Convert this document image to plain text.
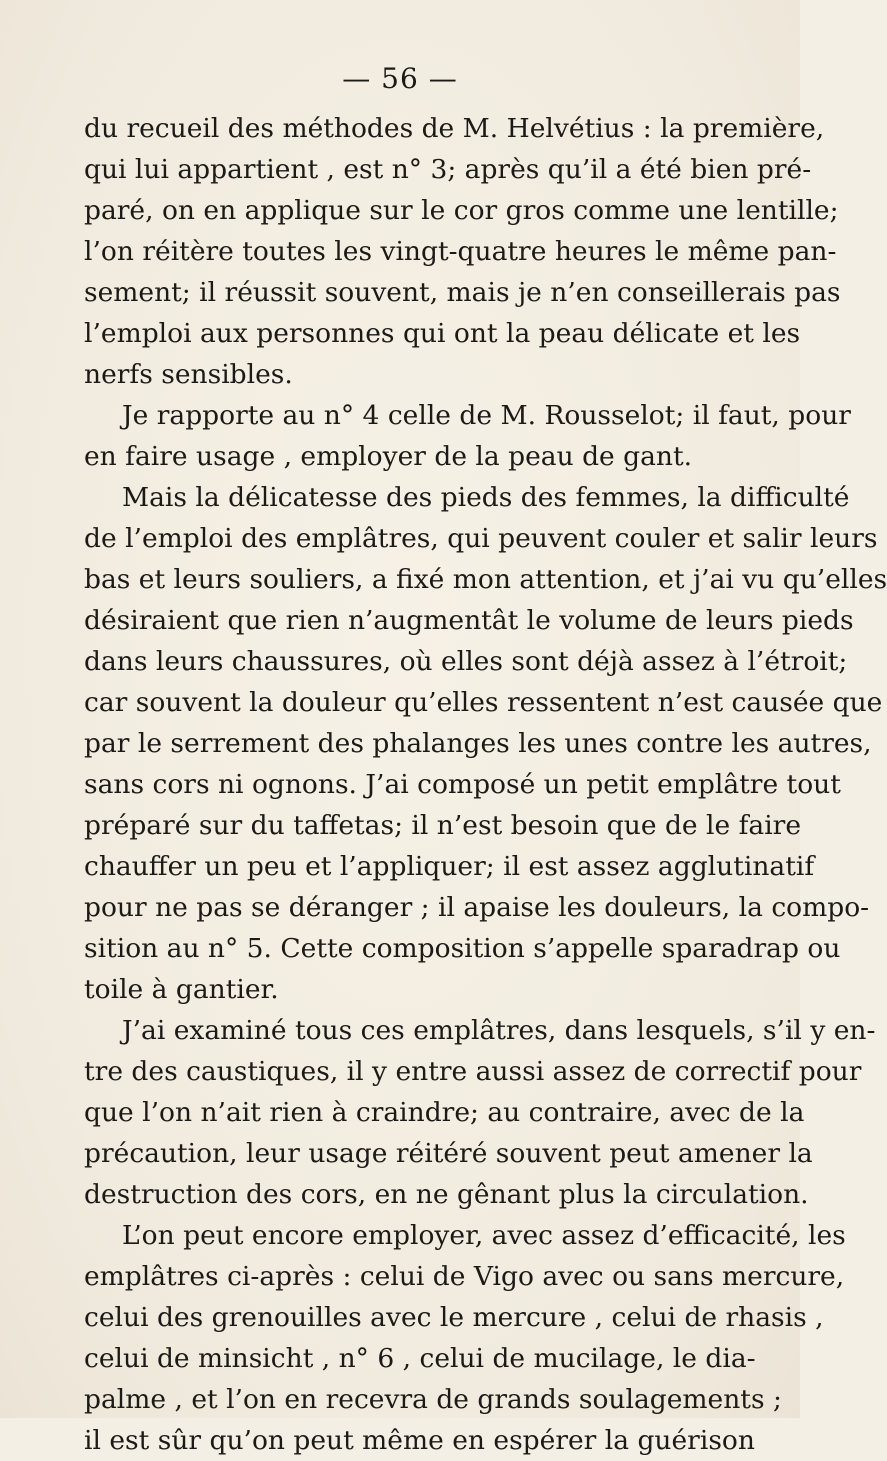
— 56 —
du recueil des méthodes de M. Helvétius : la première,
qui lui appartient , est n° 3; après qu’il a été bien pré-
paré, on en applique sur le cor gros comme une lentille;
l’on réitère toutes les vingt-quatre heures le même pan-
sement; il réussit souvent, mais je n’en conseillerais pas
l’emploi aux personnes qui ont la peau délicate et les
nerfs sensibles.
Je rapporte au n° 4 celle de M. Rousselot; il faut, pour
en faire usage , employer de la peau de gant.
Mais la délicatesse des pieds des femmes, la difficulté
de l’emploi des emplâtres, qui peuvent couler et salir leurs
bas et leurs souliers, a fixé mon attention, et j’ai vu qu’elles
désiraient que rien n’augmentât le volume de leurs pieds
dans leurs chaussures, où elles sont déjà assez à l’étroit;
car souvent la douleur qu’elles ressentent n’est causée que
par le serrement des phalanges les unes contre les autres,
sans cors ni ognons. J’ai composé un petit emplâtre tout
préparé sur du taffetas; il n’est besoin que de le faire
chauffer un peu et l’appliquer; il est assez agglutinatif
pour ne pas se déranger ; il apaise les douleurs, la compo-
sition au n° 5. Cette composition s’appelle sparadrap ou
toile à gantier.
J’ai examiné tous ces emplâtres, dans lesquels, s’il y en-
tre des caustiques, il y entre aussi assez de correctif pour
que l’on n’ait rien à craindre; au contraire, avec de la
précaution, leur usage réitéré souvent peut amener la
destruction des cors, en ne gênant plus la circulation.
L’on peut encore employer, avec assez d’efficacité, les
emplâtres ci-après : celui de Vigo avec ou sans mercure,
celui des grenouilles avec le mercure , celui de rhasis ,
celui de minsicht , n° 6 , celui de mucilage, le dia-
palme , et l’on en recevra de grands soulagements ;
il est sûr qu’on peut même en espérer la guérison
